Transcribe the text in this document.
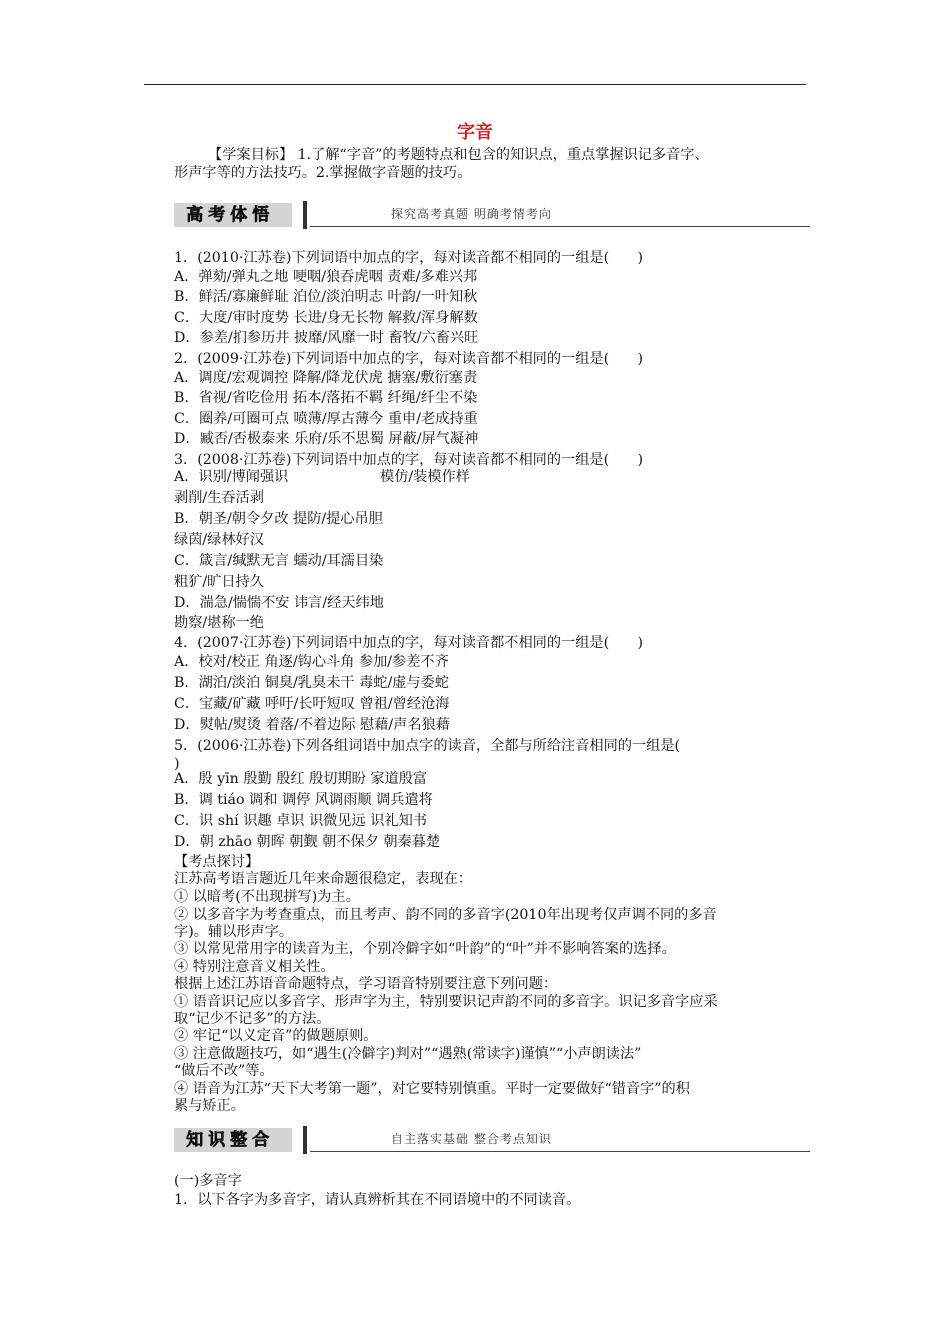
字音
【学案目标】 1.了解“字音”的考题特点和包含的知识点，重点掌握识记多音字、
形声字等的方法技巧。2.掌握做字音题的技巧。
高考体悟	探究高考真题 明确考情考向
1．(2010·江苏卷)下列词语中加点的字，每对读音都不相同的一组是(　　)
A．弹劾/弹丸之地 哽咽/狼吞虎咽 责难/多难兴邦
B．鲜活/寡廉鲜耻 泊位/淡泊明志 叶韵/一叶知秋
C．大度/审时度势 长进/身无长物 解救/浑身解数
D．参差/扪参历井 披靡/风靡一时 畜牧/六畜兴旺
2．(2009·江苏卷)下列词语中加点的字，每对读音都不相同的一组是(　　)
A．调度/宏观调控 降解/降龙伏虎 搪塞/敷衍塞责
B．省视/省吃俭用 拓本/落拓不羁 纤绳/纤尘不染
C．圈养/可圈可点 喷薄/厚古薄今 重申/老成持重
D．臧否/否极泰来 乐府/乐不思蜀 屏蔽/屏气凝神
3．(2008·江苏卷)下列词语中加点的字，每对读音都不相同的一组是(　　)
A．识别/博闻强识	模仿/装模作样
剥削/生吞活剥
B．朝圣/朝令夕改 提防/提心吊胆
绿茵/绿林好汉
C．箴言/缄默无言 蠕动/耳濡目染
粗犷/旷日持久
D．湍急/惴惴不安 讳言/经天纬地
勘察/堪称一绝
4．(2007·江苏卷)下列词语中加点的字，每对读音都不相同的一组是(　　)
A．校对/校正 角逐/钩心斗角 参加/参差不齐
B．湖泊/淡泊 铜臭/乳臭未干 毒蛇/虚与委蛇
C．宝藏/矿藏 呼吁/长吁短叹 曾祖/曾经沧海
D．熨帖/熨烫 着落/不着边际 慰藉/声名狼藉
5．(2006·江苏卷)下列各组词语中加点字的读音，全都与所给注音相同的一组是(
)
A．殷 yīn 殷勤 殷红 殷切期盼 家道殷富
B．调 tiáo 调和 调停 风调雨顺 调兵遣将
C．识 shí 识趣 卓识 识微见远 识礼知书
D．朝 zhāo 朝晖 朝觐 朝不保夕 朝秦暮楚
【考点探讨】
江苏高考语言题近几年来命题很稳定，表现在：
① 以暗考(不出现拼写)为主。
② 以多音字为考查重点，而且考声、韵不同的多音字(2010年出现考仅声调不同的多音
字)。辅以形声字。
③ 以常见常用字的读音为主，个别冷僻字如“叶韵”的“叶”并不影响答案的选择。
④ 特别注意音义相关性。
根据上述江苏语音命题特点，学习语音特别要注意下列问题：
① 语音识记应以多音字、形声字为主，特别要识记声韵不同的多音字。识记多音字应采
取“记少不记多”的方法。
② 牢记“以义定音”的做题原则。
③ 注意做题技巧，如“遇生(冷僻字)判对”“遇熟(常读字)谨慎”“小声朗读法”
“做后不改”等。
④ 语音为江苏“天下大考第一题”，对它要特别慎重。平时一定要做好“错音字”的积
累与矫正。
知识整合	自主落实基础 整合考点知识
(一)多音字
1．以下各字为多音字，请认真辨析其在不同语境中的不同读音。
